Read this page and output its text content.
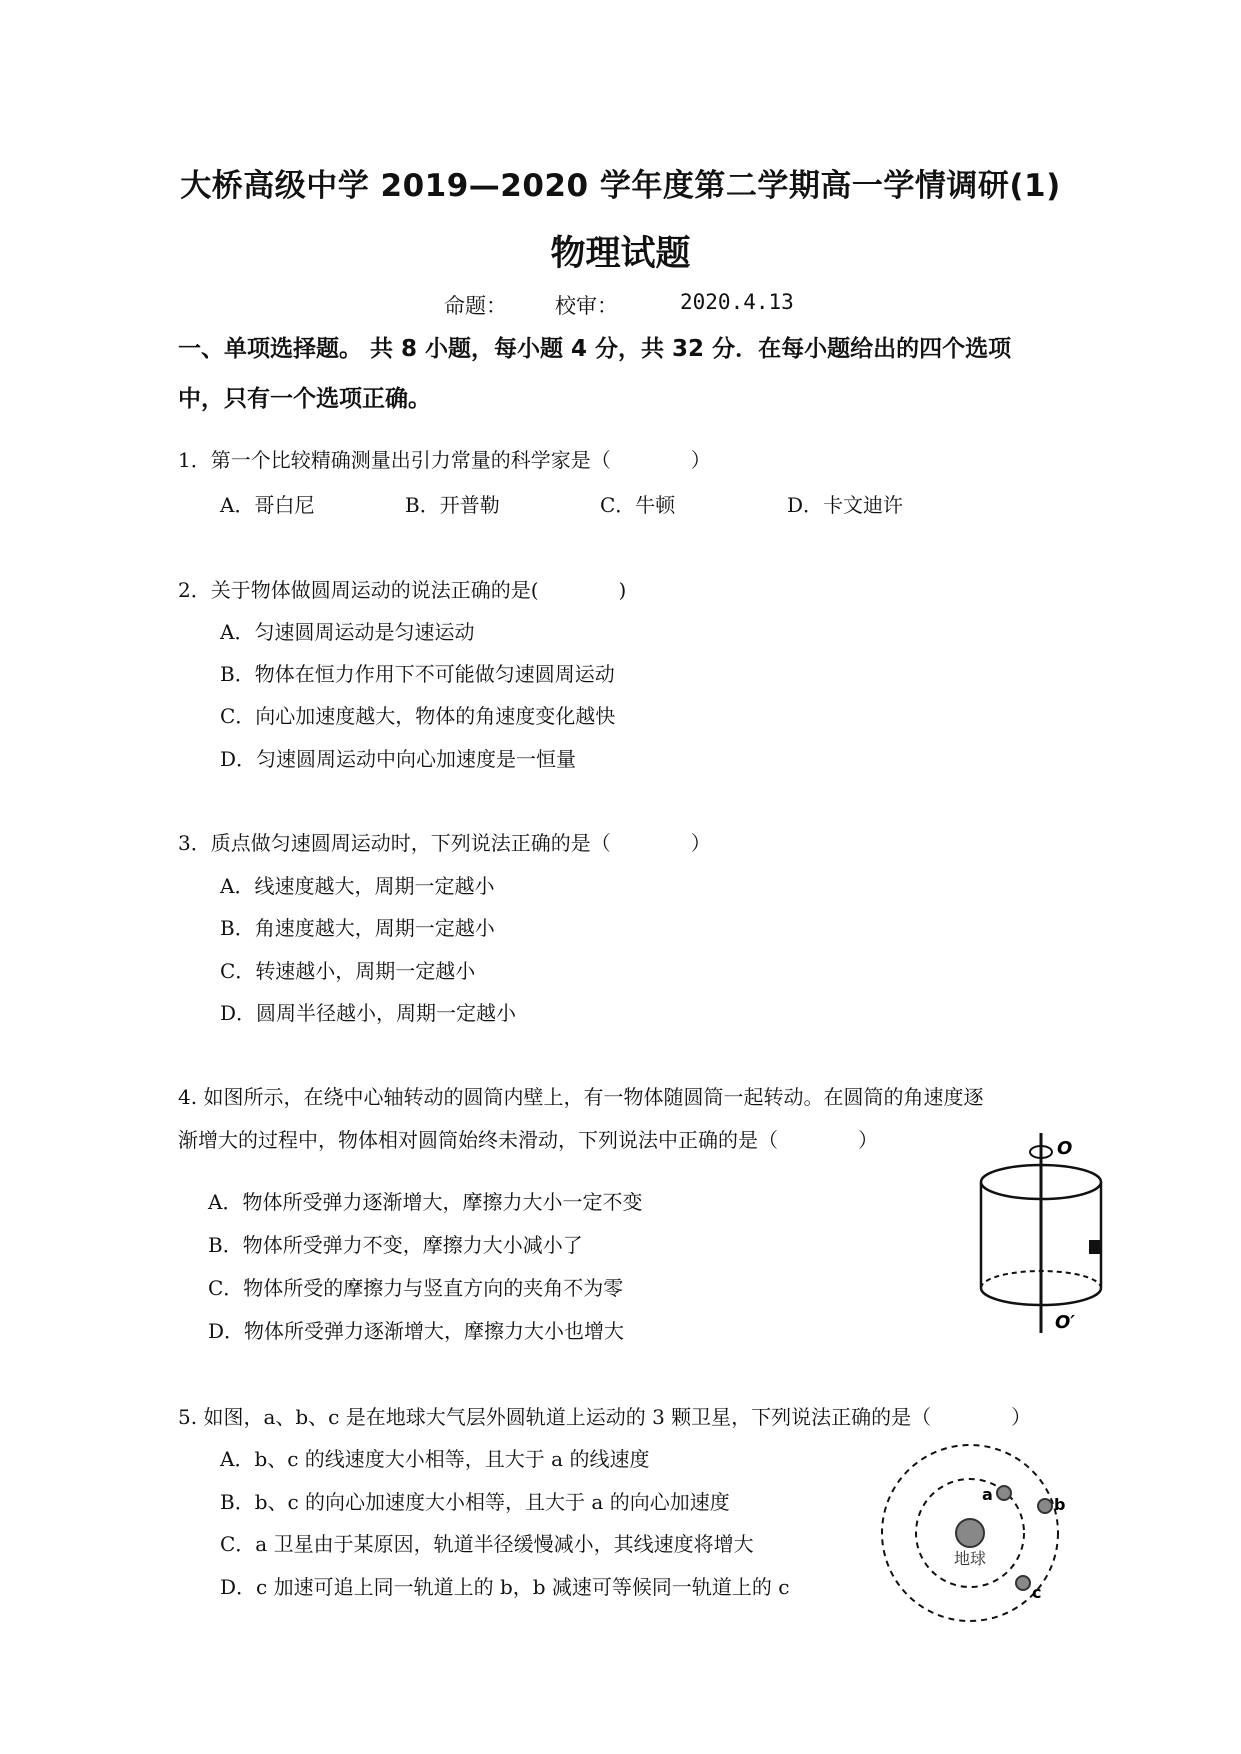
大桥高级中学 2019—2020 学年度第二学期高一学情调研(1)
物理试题
命题： 校审：	2020.4.13
一、单项选择题。 共 8 小题，每小题 4 分，共 32 分．在每小题给出的四个选项
中，只有一个选项正确。
1．第一个比较精确测量出引力常量的科学家是（　　　　）
A．哥白尼	B．开普勒	C．牛顿	D．卡文迪许
2．关于物体做圆周运动的说法正确的是(　　　　)
A．匀速圆周运动是匀速运动
B．物体在恒力作用下不可能做匀速圆周运动
C．向心加速度越大，物体的角速度变化越快
D．匀速圆周运动中向心加速度是一恒量
3．质点做匀速圆周运动时，下列说法正确的是（　　　　）
A．线速度越大，周期一定越小
B．角速度越大，周期一定越小
C．转速越小，周期一定越小
D．圆周半径越小，周期一定越小
4. 如图所示，在绕中心轴转动的圆筒内壁上，有一物体随圆筒一起转动。在圆筒的角速度逐
渐增大的过程中，物体相对圆筒始终未滑动，下列说法中正确的是（　　　　）
A．物体所受弹力逐渐增大，摩擦力大小一定不变
B．物体所受弹力不变，摩擦力大小减小了
C．物体所受的摩擦力与竖直方向的夹角不为零
D．物体所受弹力逐渐增大，摩擦力大小也增大
O
O′
5. 如图，a、b、c 是在地球大气层外圆轨道上运动的 3 颗卫星，下列说法正确的是（　　　　）
A．b、c 的线速度大小相等，且大于 a 的线速度
B．b、c 的向心加速度大小相等，且大于 a 的向心加速度
C．a 卫星由于某原因，轨道半径缓慢减小，其线速度将增大
D．c 加速可追上同一轨道上的 b，b 减速可等候同一轨道上的 c
地球
a
b
c
